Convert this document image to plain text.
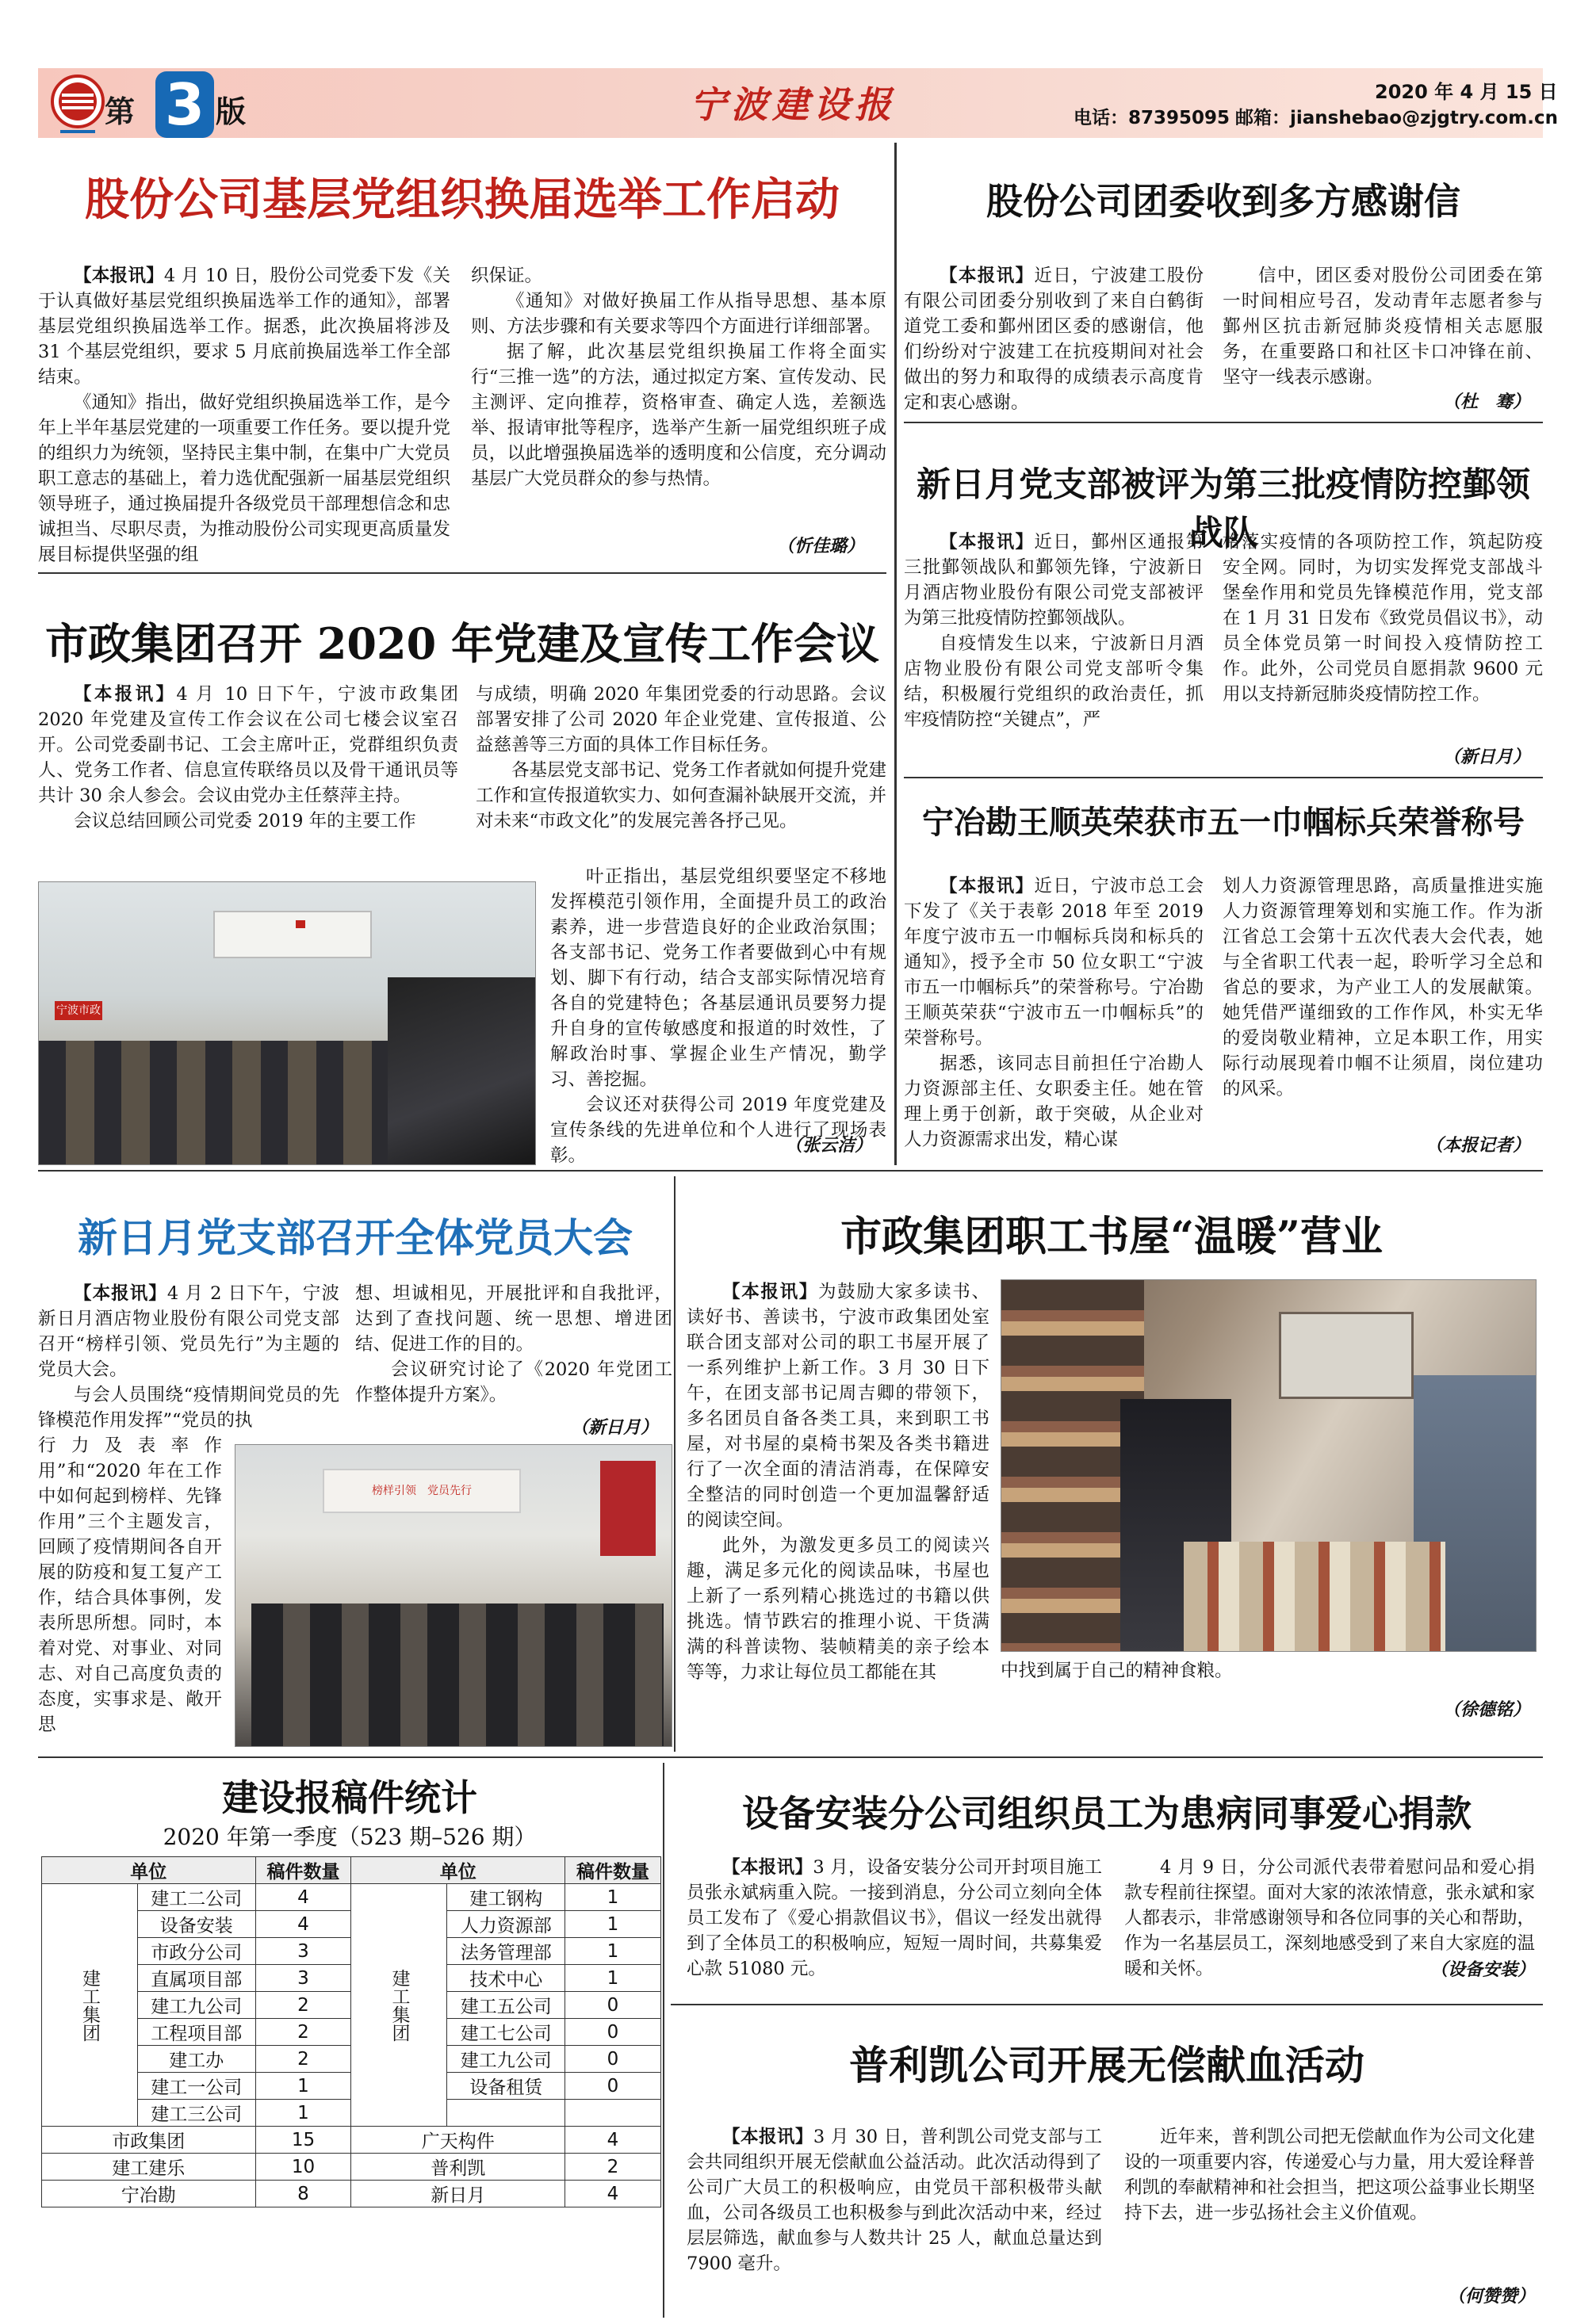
第 3 版	宁波建设报	2020 年 4 月 15 日
电话：87395095 邮箱：jianshebao@zjgtry.com.cn
股份公司基层党组织换届选举工作启动

【本报讯】4 月 10 日，股份公司党委下发《关于认真做好基层党组织换届选举工作的通知》，部署基层党组织换届选举工作。据悉，此次换届将涉及 31 个基层党组织，要求 5 月底前换届选举工作全部结束。

《通知》指出，做好党组织换届选举工作，是今年上半年基层党建的一项重要工作任务。要以提升党的组织力为统领，坚持民主集中制，在集中广大党员职工意志的基础上，着力选优配强新一届基层党组织领导班子，通过换届提升各级党员干部理想信念和忠诚担当、尽职尽责，为推动股份公司实现更高质量发展目标提供坚强的组

织保证。

《通知》对做好换届工作从指导思想、基本原则、方法步骤和有关要求等四个方面进行详细部署。

据了解，此次基层党组织换届工作将全面实行“三推一选”的方法，通过拟定方案、宣传发动、民主测评、定向推荐，资格审查、确定人选，差额选举、报请审批等程序，选举产生新一届党组织班子成员，以此增强换届选举的透明度和公信度，充分调动基层广大党员群众的参与热情。

（忻佳璐）
股份公司团委收到多方感谢信

【本报讯】近日，宁波建工股份有限公司团委分别收到了来自白鹤街道党工委和鄞州团区委的感谢信，他们纷纷对宁波建工在抗疫期间对社会做出的努力和取得的成绩表示高度肯定和衷心感谢。

信中，团区委对股份公司团委在第一时间相应号召，发动青年志愿者参与鄞州区抗击新冠肺炎疫情相关志愿服务，在重要路口和社区卡口冲锋在前、坚守一线表示感谢。

（杜　骞）
新日月党支部被评为第三批疫情防控鄞领战队

【本报讯】近日，鄞州区通报第三批鄞领战队和鄞领先锋，宁波新日月酒店物业股份有限公司党支部被评为第三批疫情防控鄞领战队。

自疫情发生以来，宁波新日月酒店物业股份有限公司党支部听令集结，积极履行党组织的政治责任，抓牢疫情防控“关键点”，严

格落实疫情的各项防控工作，筑起防疫安全网。同时，为切实发挥党支部战斗堡垒作用和党员先锋模范作用，党支部在 1 月 31 日发布《致党员倡议书》，动员全体党员第一时间投入疫情防控工作。此外，公司党员自愿捐款 9600 元用以支持新冠肺炎疫情防控工作。

（新日月）
市政集团召开 2020 年党建及宣传工作会议

【本报讯】4 月 10 日下午，宁波市政集团 2020 年党建及宣传工作会议在公司七楼会议室召开。公司党委副书记、工会主席叶正，党群组织负责人、党务工作者、信息宣传联络员以及骨干通讯员等共计 30 余人参会。会议由党办主任蔡萍主持。

会议总结回顾公司党委 2019 年的主要工作

与成绩，明确 2020 年集团党委的行动思路。会议部署安排了公司 2020 年企业党建、宣传报道、公益慈善等三方面的具体工作目标任务。

各基层党支部书记、党务工作者就如何提升党建工作和宣传报道软实力、如何查漏补缺展开交流，并对未来“市政文化”的发展完善各抒己见。

叶正指出，基层党组织要坚定不移地发挥模范引领作用，全面提升员工的政治素养，进一步营造良好的企业政治氛围；各支部书记、党务工作者要做到心中有规划、脚下有行动，结合支部实际情况培育各自的党建特色；各基层通讯员要努力提升自身的宣传敏感度和报道的时效性，了解政治时事、掌握企业生产情况，勤学习、善挖掘。

会议还对获得公司 2019 年度党建及宣传条线的先进单位和个人进行了现场表彰。	（张云洁）
宁波市政
宁冶勘王顺英荣获市五一巾帼标兵荣誉称号

【本报讯】近日，宁波市总工会下发了《关于表彰 2018 年至 2019 年度宁波市五一巾帼标兵岗和标兵的通知》，授予全市 50 位女职工“宁波市五一巾帼标兵”的荣誉称号。宁冶勘王顺英荣获“宁波市五一巾帼标兵”的荣誉称号。

据悉，该同志目前担任宁冶勘人力资源部主任、女职委主任。她在管理上勇于创新，敢于突破，从企业对人力资源需求出发，精心谋

划人力资源管理思路，高质量推进实施人力资源管理筹划和实施工作。作为浙江省总工会第十五次代表大会代表，她与全省职工代表一起，聆听学习全总和省总的要求，为产业工人的发展献策。她凭借严谨细致的工作作风，朴实无华的爱岗敬业精神，立足本职工作，用实际行动展现着巾帼不让须眉，岗位建功的风采。

（本报记者）
新日月党支部召开全体党员大会

【本报讯】4 月 2 日下午，宁波新日月酒店物业股份有限公司党支部召开“榜样引领、党员先行”为主题的党员大会。

与会人员围绕“疫情期间党员的先锋模范作用发挥”“党员的执

行力及表率作用”和“2020 年在工作中如何起到榜样、先锋作用”三个主题发言，回顾了疫情期间各自开展的防疫和复工复产工作，结合具体事例，发表所思所想。同时，本着对党、对事业、对同志、对自己高度负责的态度，实事求是、敞开思

想、坦诚相见，开展批评和自我批评，达到了查找问题、统一思想、增进团结、促进工作的目的。

会议研究讨论了《2020 年党团工作整体提升方案》。

（新日月）
榜样引领　党员先行
市政集团职工书屋“温暖”营业

【本报讯】为鼓励大家多读书、读好书、善读书，宁波市政集团处室联合团支部对公司的职工书屋开展了一系列维护上新工作。3 月 30 日下午，在团支部书记周吉卿的带领下，多名团员自备各类工具，来到职工书屋，对书屋的桌椅书架及各类书籍进行了一次全面的清洁消毒，在保障安全整洁的同时创造一个更加温馨舒适的阅读空间。

此外，为激发更多员工的阅读兴趣，满足多元化的阅读品味，书屋也上新了一系列精心挑选过的书籍以供挑选。情节跌宕的推理小说、干货满满的科普读物、装帧精美的亲子绘本等等，力求让每位员工都能在其	中找到属于自己的精神食粮。

（徐德铭）
建设报稿件统计
2020 年第一季度（523 期–526 期）
单位		稿件数量	单位		稿件数量
建工集团	建工二公司	4	建工集团	建工钢构	1
	设备安装	4		人力资源部	1
	市政分公司	3		法务管理部	1
	直属项目部	3		技术中心	1
	建工九公司	2		建工五公司	0
	工程项目部	2		建工七公司	0
	建工办	2		建工九公司	0
	建工一公司	1		设备租赁	0
	建工三公司	1			
市政集团		15	广天构件		4
建工建乐		10	普利凯		2
宁冶勘		8	新日月		4
设备安装分公司组织员工为患病同事爱心捐款

【本报讯】3 月，设备安装分公司开封项目施工员张永斌病重入院。一接到消息，分公司立刻向全体员工发布了《爱心捐款倡议书》，倡议一经发出就得到了全体员工的积极响应，短短一周时间，共募集爱心款 51080 元。

4 月 9 日，分公司派代表带着慰问品和爱心捐款专程前往探望。面对大家的浓浓情意，张永斌和家人都表示，非常感谢领导和各位同事的关心和帮助，作为一名基层员工，深刻地感受到了来自大家庭的温暖和关怀。	（设备安装）
普利凯公司开展无偿献血活动

【本报讯】3 月 30 日，普利凯公司党支部与工会共同组织开展无偿献血公益活动。此次活动得到了公司广大员工的积极响应，由党员干部积极带头献血，公司各级员工也积极参与到此次活动中来，经过层层筛选，献血参与人数共计 25 人，献血总量达到 7900 毫升。

近年来，普利凯公司把无偿献血作为公司文化建设的一项重要内容，传递爱心与力量，用大爱诠释普利凯的奉献精神和社会担当，把这项公益事业长期坚持下去，进一步弘扬社会主义价值观。

（何赞赞）
